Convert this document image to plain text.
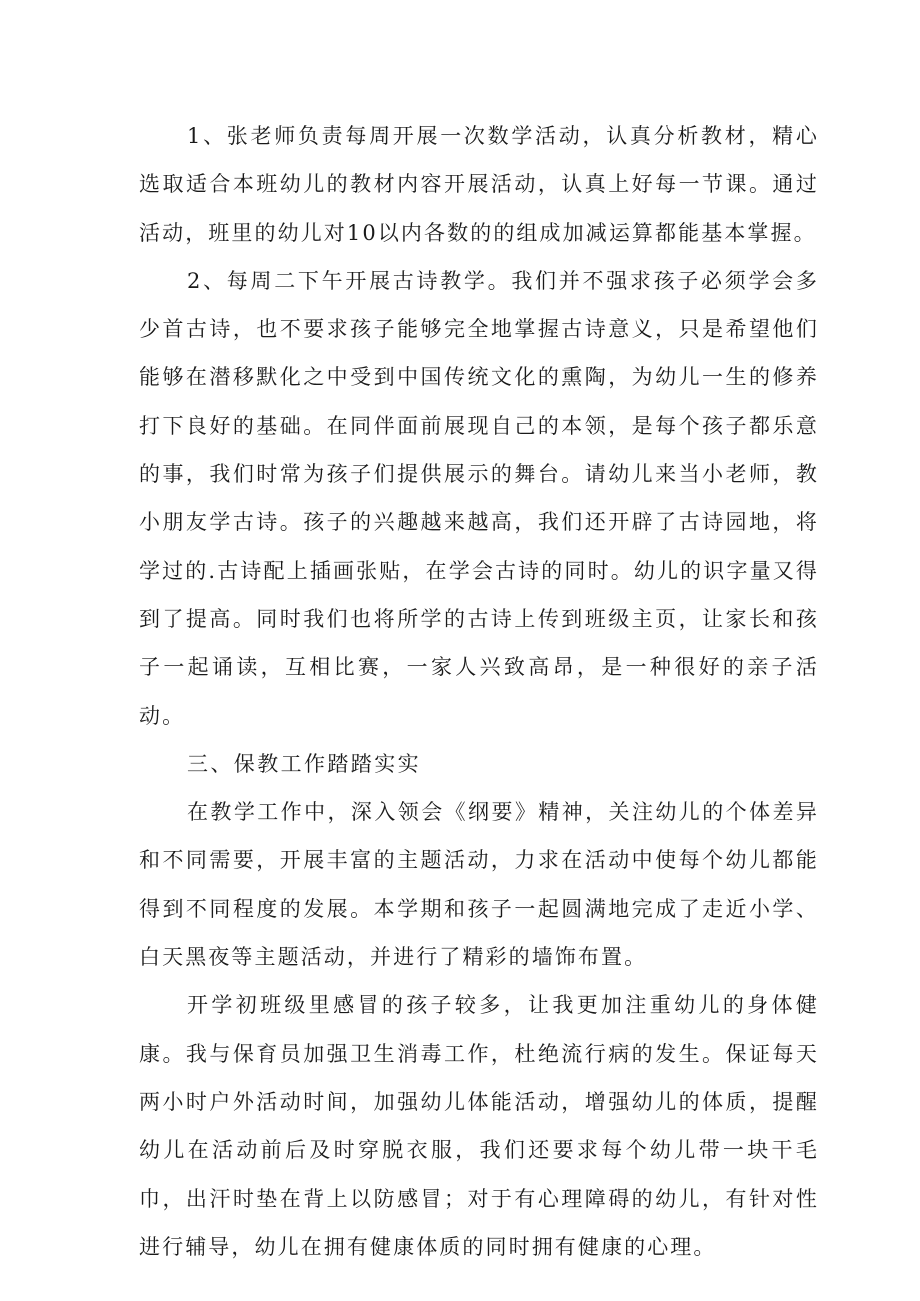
1、张老师负责每周开展一次数学活动，认真分析教材，精心选取适合本班幼儿的教材内容开展活动，认真上好每一节课。通过活动，班里的幼儿对10以内各数的的组成加减运算都能基本掌握。

2、每周二下午开展古诗教学。我们并不强求孩子必须学会多少首古诗，也不要求孩子能够完全地掌握古诗意义，只是希望他们能够在潜移默化之中受到中国传统文化的熏陶，为幼儿一生的修养打下良好的基础。在同伴面前展现自己的本领，是每个孩子都乐意的事，我们时常为孩子们提供展示的舞台。请幼儿来当小老师，教小朋友学古诗。孩子的兴趣越来越高，我们还开辟了古诗园地，将学过的.古诗配上插画张贴，在学会古诗的同时。幼儿的识字量又得到了提高。同时我们也将所学的古诗上传到班级主页，让家长和孩子一起诵读，互相比赛，一家人兴致高昂，是一种很好的亲子活动。

三、保教工作踏踏实实

在教学工作中，深入领会《纲要》精神，关注幼儿的个体差异和不同需要，开展丰富的主题活动，力求在活动中使每个幼儿都能得到不同程度的发展。本学期和孩子一起圆满地完成了走近小学、白天黑夜等主题活动，并进行了精彩的墙饰布置。

开学初班级里感冒的孩子较多，让我更加注重幼儿的身体健康。我与保育员加强卫生消毒工作，杜绝流行病的发生。保证每天两小时户外活动时间，加强幼儿体能活动，增强幼儿的体质，提醒幼儿在活动前后及时穿脱衣服，我们还要求每个幼儿带一块干毛巾，出汗时垫在背上以防感冒；对于有心理障碍的幼儿，有针对性进行辅导，幼儿在拥有健康体质的同时拥有健康的心理。
